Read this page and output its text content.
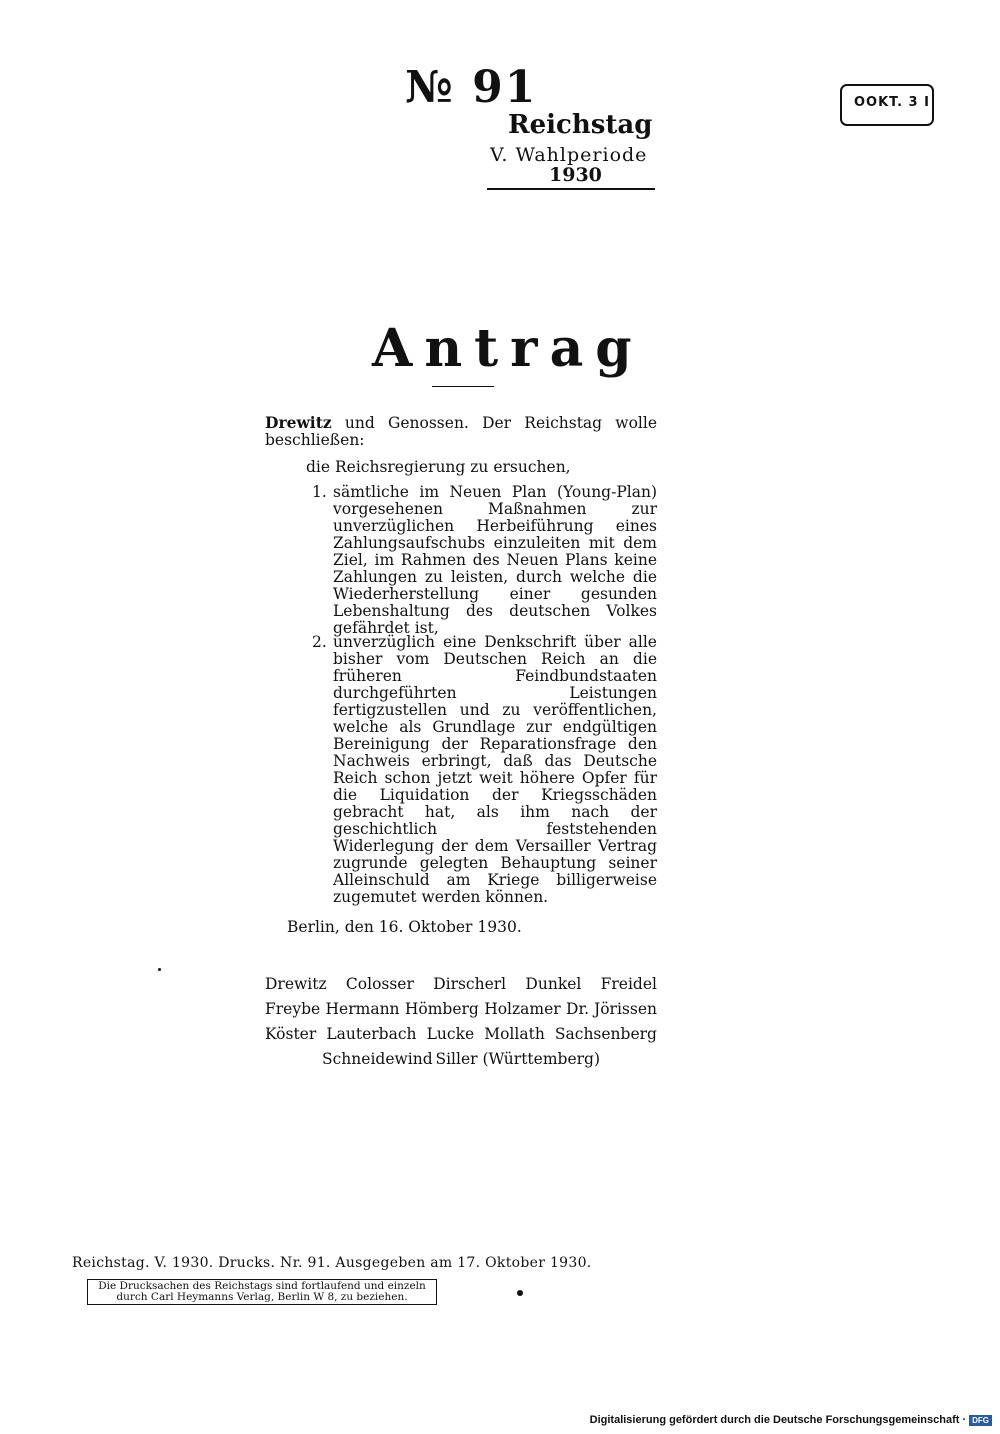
№ 91
Reichstag
V. Wahlperiode
1930
OOKT. 3 I
Antrag
Drewitz und Genossen. Der Reichstag wolle beschließen:
die Reichsregierung zu ersuchen,
1. sämtliche im Neuen Plan (Young-Plan) vorgesehenen Maßnahmen zur unverzüglichen Herbeiführung eines Zahlungsaufschubs einzuleiten mit dem Ziel, im Rahmen des Neuen Plans keine Zahlungen zu leisten, durch welche die Wiederherstellung einer gesunden Lebenshaltung des deutschen Volkes gefährdet ist,
2. unverzüglich eine Denkschrift über alle bisher vom Deutschen Reich an die früheren Feindbundstaaten durchgeführten Leistungen fertigzustellen und zu veröffentlichen, welche als Grundlage zur endgültigen Bereinigung der Reparationsfrage den Nachweis erbringt, daß das Deutsche Reich schon jetzt weit höhere Opfer für die Liquidation der Kriegsschäden gebracht hat, als ihm nach der geschichtlich feststehenden Widerlegung der dem Versailler Vertrag zugrunde gelegten Behauptung seiner Alleinschuld am Kriege billigerweise zugemutet werden können.
Berlin, den 16. Oktober 1930.
Drewitz Colosser Dirscherl Dunkel Freidel
Freybe Hermann Hömberg Holzamer Dr. Jörissen
Köster Lauterbach Lucke Mollath Sachsenberg
Schneidewind Siller (Württemberg)
Reichstag. V. 1930. Drucks. Nr. 91. Ausgegeben am 17. Oktober 1930.
Die Drucksachen des Reichstags sind fortlaufend und einzeln
durch Carl Heymanns Verlag, Berlin W 8, zu beziehen.
Digitalisierung gefördert durch die Deutsche Forschungsgemeinschaft · DFG
